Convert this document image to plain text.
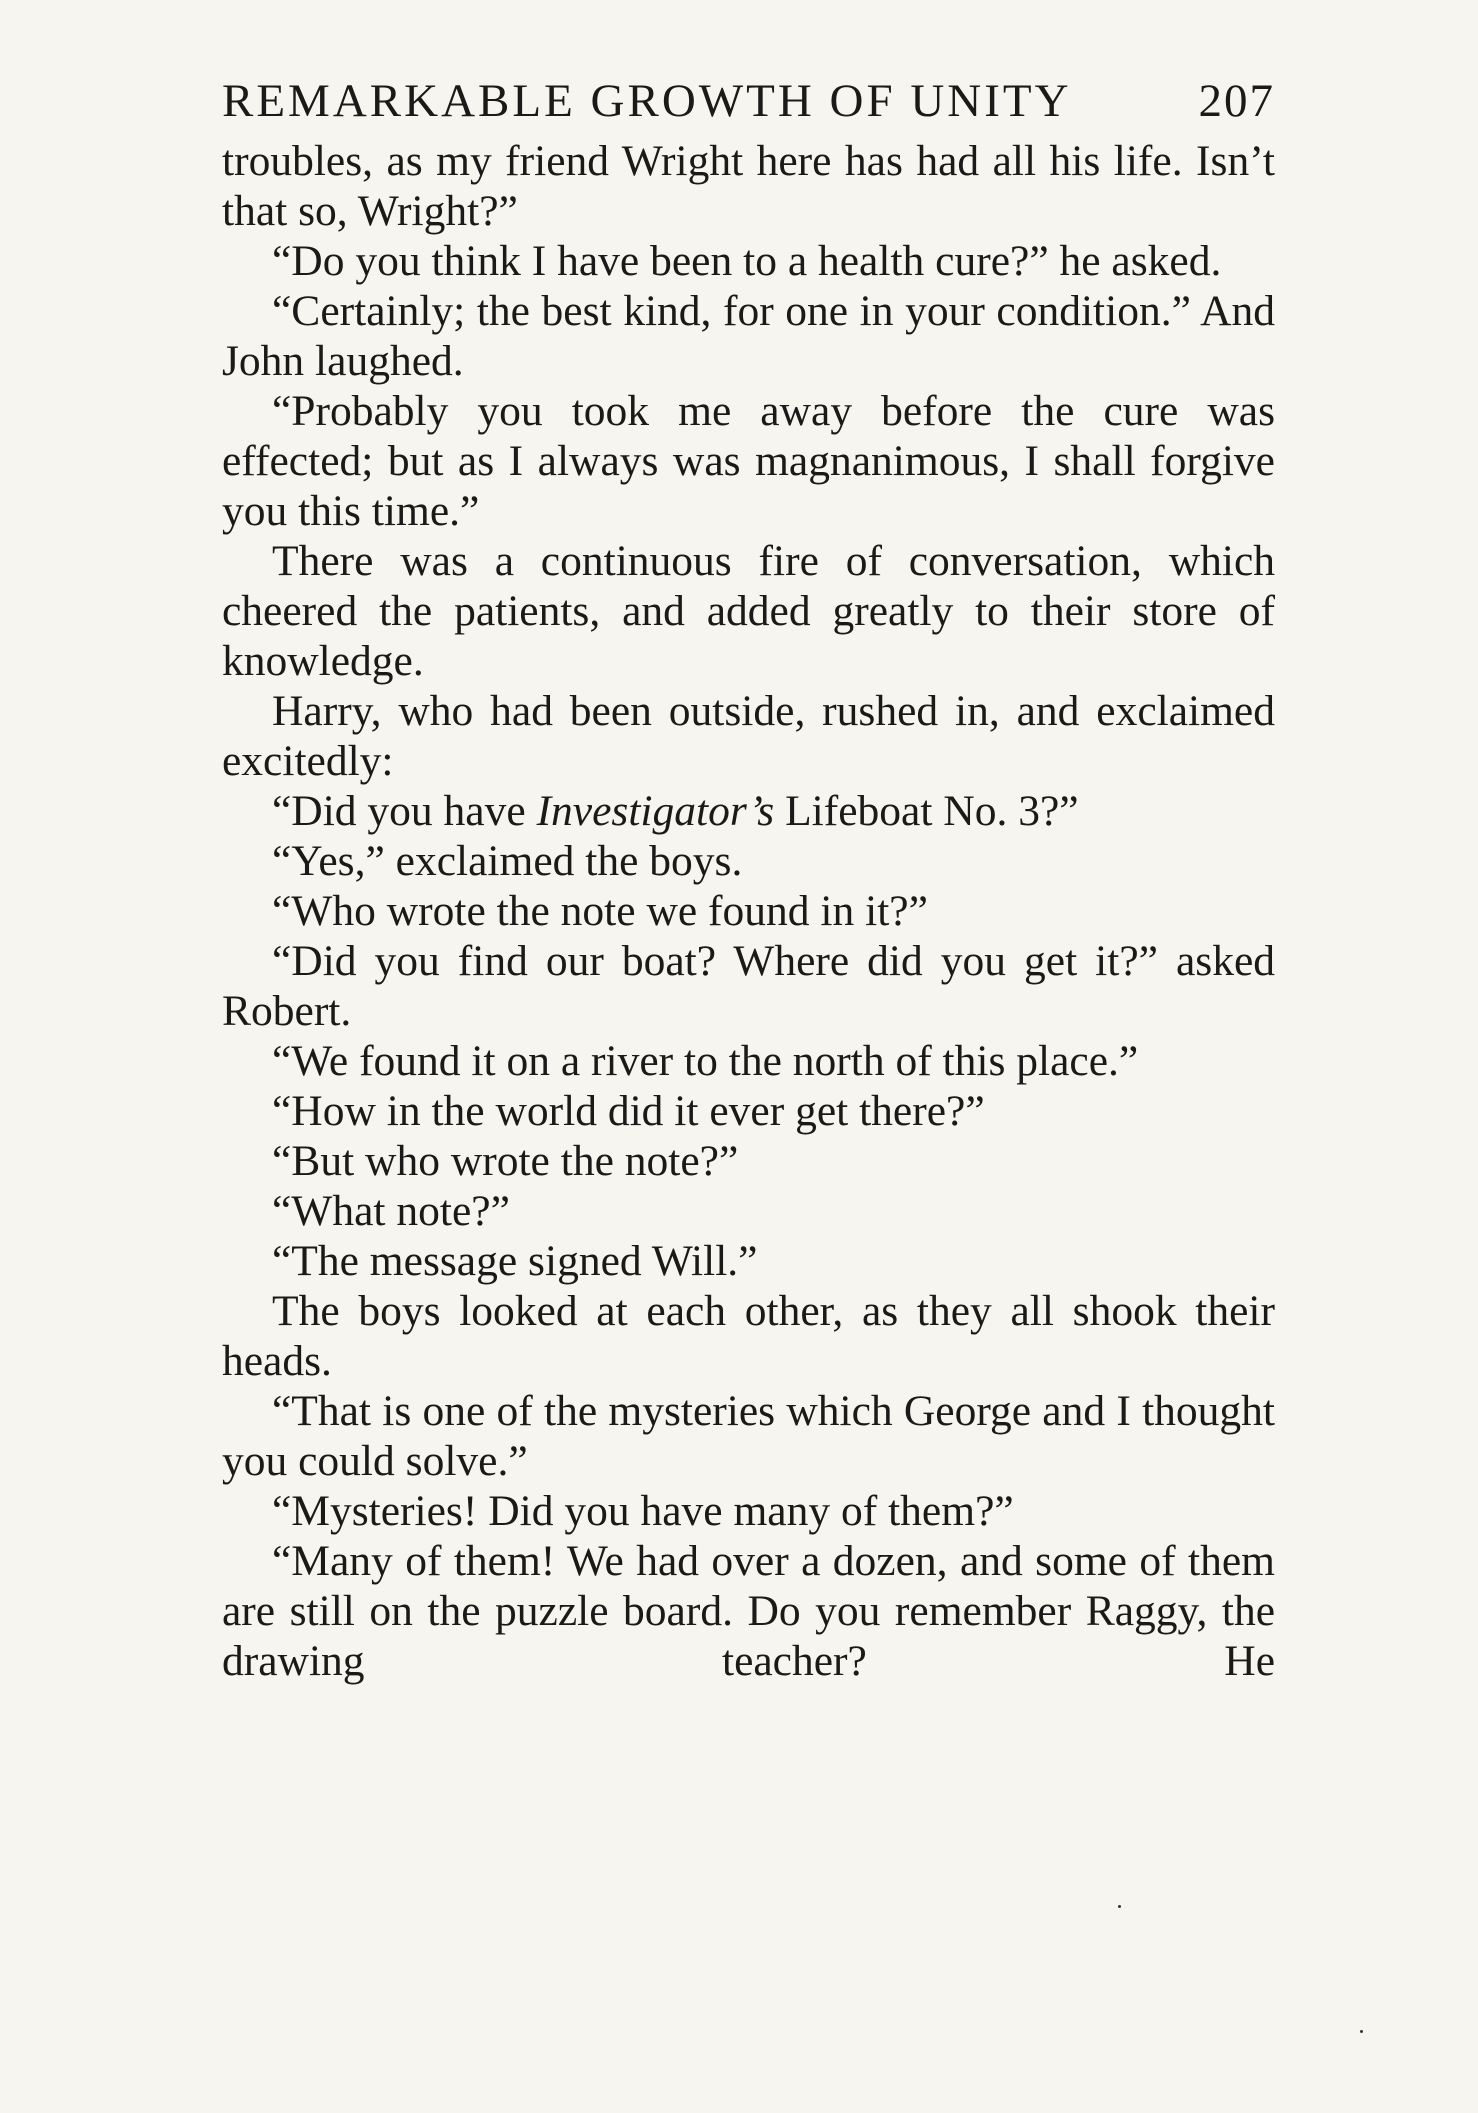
REMARKABLE GROWTH OF UNITY	207

troubles, as my friend Wright here has had all his life. Isn’t that so, Wright?”

“Do you think I have been to a health cure?” he asked.

“Certainly; the best kind, for one in your condition.” And John laughed.

“Probably you took me away before the cure was effected; but as I always was magnanimous, I shall forgive you this time.”

There was a continuous fire of conversation, which cheered the patients, and added greatly to their store of knowledge.

Harry, who had been outside, rushed in, and exclaimed excitedly:

“Did you have Investigator’s Lifeboat No. 3?”

“Yes,” exclaimed the boys.

“Who wrote the note we found in it?”

“Did you find our boat? Where did you get it?” asked Robert.

“We found it on a river to the north of this place.”

“How in the world did it ever get there?”

“But who wrote the note?”

“What note?”

“The message signed Will.”

The boys looked at each other, as they all shook their heads.

“That is one of the mysteries which George and I thought you could solve.”

“Mysteries! Did you have many of them?”

“Many of them! We had over a dozen, and some of them are still on the puzzle board. Do you remember Raggy, the drawing teacher? He
